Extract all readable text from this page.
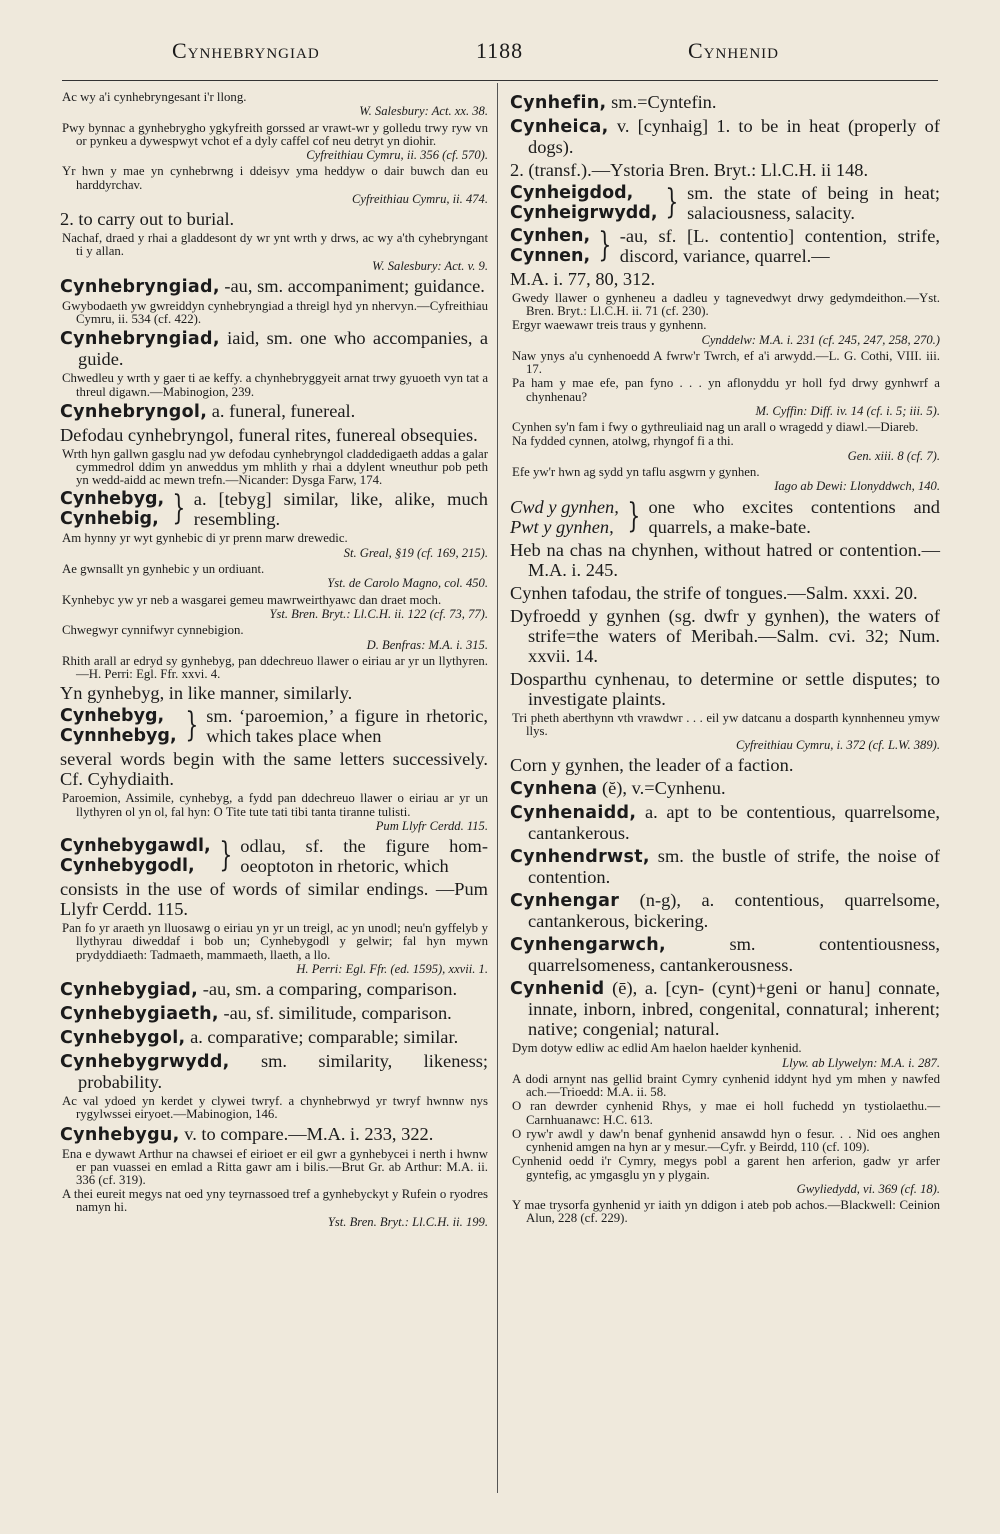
Cynhebryngiad	1188	Cynhenid
Ac wy a'i cynhebryngesant i'r llong.
W. Salesbury: Act. xx. 38.
Pwy bynnac a gynhebrygho ygkyfreith gorssed ar vrawt-wr y golledu trwy ryw vn or pynkeu a dywespwyt vchot ef a dyly caffel cof neu detryt yn diohir.
Cyfreithiau Cymru, ii. 356 (cf. 570).
Yr hwn y mae yn cynhebrwng i ddeisyv yma heddyw o dair buwch dan eu harddyrchav.
Cyfreithiau Cymru, ii. 474.
2. to carry out to burial.
Nachaf, draed y rhai a gladdesont dy wr ynt wrth y drws, ac wy a'th cyhebryngant ti y allan.
W. Salesbury: Act. v. 9.
Cynhebryngiad, -au, sm. accompaniment; guidance.
Gwybodaeth yw gwreiddyn cynhebryngiad a threigl hyd yn nhervyn.—Cyfreithiau Cymru, ii. 534 (cf. 422).
Cynhebryngiad, iaid, sm. one who accompanies, a guide.
Chwedleu y wrth y gaer ti ae keffy. a chynhebryggyeit arnat trwy gyuoeth vyn tat a threul digawn.—Mabinogion, 239.
Cynhebryngol, a. funeral, funereal.
Defodau cynhebryngol, funeral rites, funereal obsequies.
Wrth hyn gallwn gasglu nad yw defodau cynhebryngol claddedigaeth addas a galar cymmedrol ddim yn anweddus ym mhlith y rhai a ddylent wneuthur pob peth yn wedd-aidd ac mewn trefn.—Nicander: Dysga Farw, 174.
Cynhebyg,
Cynhebig, } a. [tebyg] similar, like, alike, much resembling.
Am hynny yr wyt gynhebic di yr prenn marw drewedic.
St. Greal, §19 (cf. 169, 215).
Ae gwnsallt yn gynhebic y un ordiuant.
Yst. de Carolo Magno, col. 450.
Kynhebyc yw yr neb a wasgarei gemeu mawrweirthyawc dan draet moch.
Yst. Bren. Bryt.: Ll.C.H. ii. 122 (cf. 73, 77).
Chwegwyr cynnifwyr cynnebigion.
D. Benfras: M.A. i. 315.
Rhith arall ar edryd sy gynhebyg, pan ddechreuo llawer o eiriau ar yr un llythyren.—H. Perri: Egl. Ffr. xxvi. 4.
Yn gynhebyg, in like manner, similarly.
Cynhebyg,
Cynnhebyg, } sm. ‘paroemion,’ a figure in rhetoric, which takes place when
several words begin with the same letters successively. Cf. Cyhydiaith.
Paroemion, Assimile, cynhebyg, a fydd pan ddechreuo llawer o eiriau ar yr un llythyren ol yn ol, fal hyn: O Tite tute tati tibi tanta tiranne tulisti.
Pum Llyfr Cerdd. 115.
Cynhebygawdl,
Cynhebygodl, } odlau, sf. the figure hom-oeoptoton in rhetoric, which
consists in the use of words of similar endings. —Pum Llyfr Cerdd. 115.
Pan fo yr araeth yn lluosawg o eiriau yn yr un treigl, ac yn unodl; neu'n gyffelyb y llythyrau diweddaf i bob un; Cynhebygodl y gelwir; fal hyn mywn prydyddiaeth: Tadmaeth, mammaeth, llaeth, a llo.
H. Perri: Egl. Ffr. (ed. 1595), xxvii. 1.
Cynhebygiad, -au, sm. a comparing, comparison.
Cynhebygiaeth, -au, sf. similitude, comparison.
Cynhebygol, a. comparative; comparable; similar.
Cynhebygrwydd, sm. similarity, likeness; probability.
Ac val ydoed yn kerdet y clywei twryf. a chynhebrwyd yr twryf hwnnw nys rygylwssei eiryoet.—Mabinogion, 146.
Cynhebygu, v. to compare.—M.A. i. 233, 322.
Ena e dywawt Arthur na chawsei ef eirioet er eil gwr a gynhebycei i nerth i hwnw er pan vuassei en emlad a Ritta gawr am i bilis.—Brut Gr. ab Arthur: M.A. ii. 336 (cf. 319).
A thei eureit megys nat oed yny teyrnassoed tref a gynhebyckyt y Rufein o ryodres namyn hi.
Yst. Bren. Bryt.: Ll.C.H. ii. 199.
Cynhefin, sm.=Cyntefin.
Cynheica, v. [cynhaig] 1. to be in heat (properly of dogs).
2. (transf.).—Ystoria Bren. Bryt.: Ll.C.H. ii 148.
Cynheigdod,
Cynheigrwydd, } sm. the state of being in heat; salaciousness, salacity.
Cynhen,
Cynnen, } -au, sf. [L. contentio] contention, strife, discord, variance, quarrel.—
M.A. i. 77, 80, 312.
Gwedy llawer o gynheneu a dadleu y tagnevedwyt drwy gedymdeithon.—Yst. Bren. Bryt.: Ll.C.H. ii. 71 (cf. 230).
Ergyr waewawr treis traus y gynhenn.
Cynddelw: M.A. i. 231 (cf. 245, 247, 258, 270.)
Naw ynys a'u cynhenoedd A fwrw'r Twrch, ef a'i arwydd.—L. G. Cothi, VIII. iii. 17.
Pa ham y mae efe, pan fyno . . . yn aflonyddu yr holl fyd drwy gynhwrf a chynhenau?
M. Cyffin: Diff. iv. 14 (cf. i. 5; iii. 5).
Cynhen sy'n fam i fwy o gythreuliaid nag un arall o wragedd y diawl.—Diareb.
Na fydded cynnen, atolwg, rhyngof fi a thi.
Gen. xiii. 8 (cf. 7).
Efe yw'r hwn ag sydd yn taflu asgwrn y gynhen.
Iago ab Dewi: Llonyddwch, 140.
Cwd y gynhen,
Pwt y gynhen, } one who excites contentions and quarrels, a make-bate.
Heb na chas na chynhen, without hatred or contention.—M.A. i. 245.
Cynhen tafodau, the strife of tongues.—Salm. xxxi. 20.
Dyfroedd y gynhen (sg. dwfr y gynhen), the waters of strife=the waters of Meribah.—Salm. cvi. 32; Num. xxvii. 14.
Dosparthu cynhenau, to determine or settle disputes; to investigate plaints.
Tri pheth aberthynn vth vrawdwr . . . eil yw datcanu a dosparth kynnhenneu ymyw llys.
Cyfreithiau Cymru, i. 372 (cf. L.W. 389).
Corn y gynhen, the leader of a faction.
Cynhena (ĕ), v.=Cynhenu.
Cynhenaidd, a. apt to be contentious, quarrelsome, cantankerous.
Cynhendrwst, sm. the bustle of strife, the noise of contention.
Cynhengar (n-g), a. contentious, quarrelsome, cantankerous, bickering.
Cynhengarwch,	sm. contentiousness, quarrelsomeness, cantankerousness.
Cynhenid (ē), a. [cyn- (cynt)+geni or hanu] connate, innate, inborn, inbred, congenital, connatural; inherent; native; congenial; natural.
Dym dotyw edliw ac edlid Am haelon haelder kynhenid.
Llyw. ab Llywelyn: M.A. i. 287.
A dodi arnynt nas gellid braint Cymry cynhenid iddynt hyd ym mhen y nawfed ach.—Trioedd: M.A. ii. 58.
O ran dewrder cynhenid Rhys, y mae ei holl fuchedd yn tystiolaethu.—Carnhuanawc: H.C. 613.
O ryw'r awdl y daw'n benaf gynhenid ansawdd hyn o fesur. . . Nid oes anghen cynhenid amgen na hyn ar y mesur.—Cyfr. y Beirdd, 110 (cf. 109).
Cynhenid oedd i'r Cymry, megys pobl a garent hen arferion, gadw yr arfer gyntefig, ac ymgasglu yn y plygain.
Gwyliedydd, vi. 369 (cf. 18).
Y mae trysorfa gynhenid yr iaith yn ddigon i ateb pob achos.—Blackwell: Ceinion Alun, 228 (cf. 229).
